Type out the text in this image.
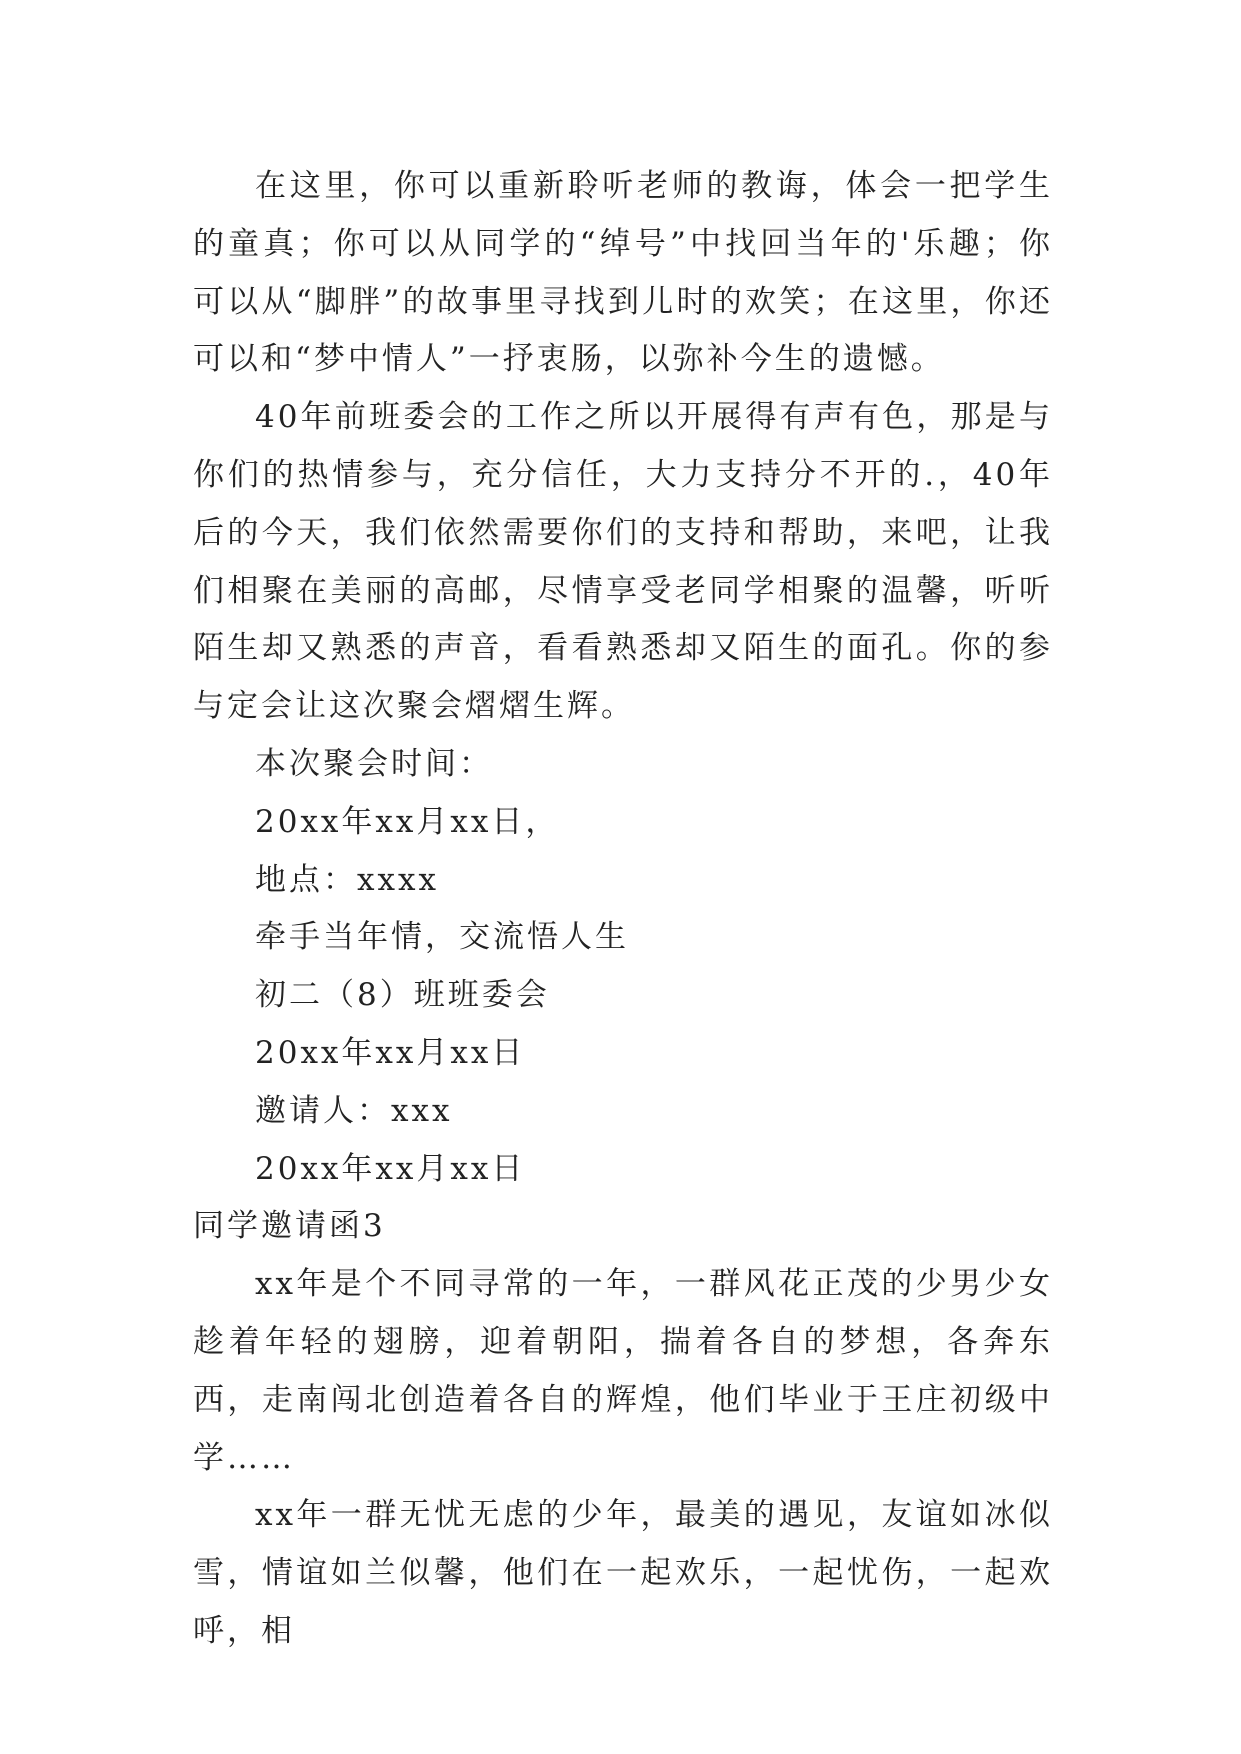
在这里，你可以重新聆听老师的教诲，体会一把学生的童真；你可以从同学的“绰号”中找回当年的'乐趣；你可以从“脚胖”的故事里寻找到儿时的欢笑；在这里，你还可以和“梦中情人”一抒衷肠，以弥补今生的遗憾。

40年前班委会的工作之所以开展得有声有色，那是与你们的热情参与，充分信任，大力支持分不开的.，40年后的今天，我们依然需要你们的支持和帮助，来吧，让我们相聚在美丽的高邮，尽情享受老同学相聚的温馨，听听陌生却又熟悉的声音，看看熟悉却又陌生的面孔。你的参与定会让这次聚会熠熠生辉。

本次聚会时间：

20xx年xx月xx日，

地点：xxxx

牵手当年情，交流悟人生

初二（8）班班委会

20xx年xx月xx日

邀请人：xxx

20xx年xx月xx日

同学邀请函3

xx年是个不同寻常的一年，一群风花正茂的少男少女趁着年轻的翅膀，迎着朝阳，揣着各自的梦想，各奔东西，走南闯北创造着各自的辉煌，他们毕业于王庄初级中学……

xx年一群无忧无虑的少年，最美的遇见，友谊如冰似雪，情谊如兰似馨，他们在一起欢乐，一起忧伤，一起欢呼，相
